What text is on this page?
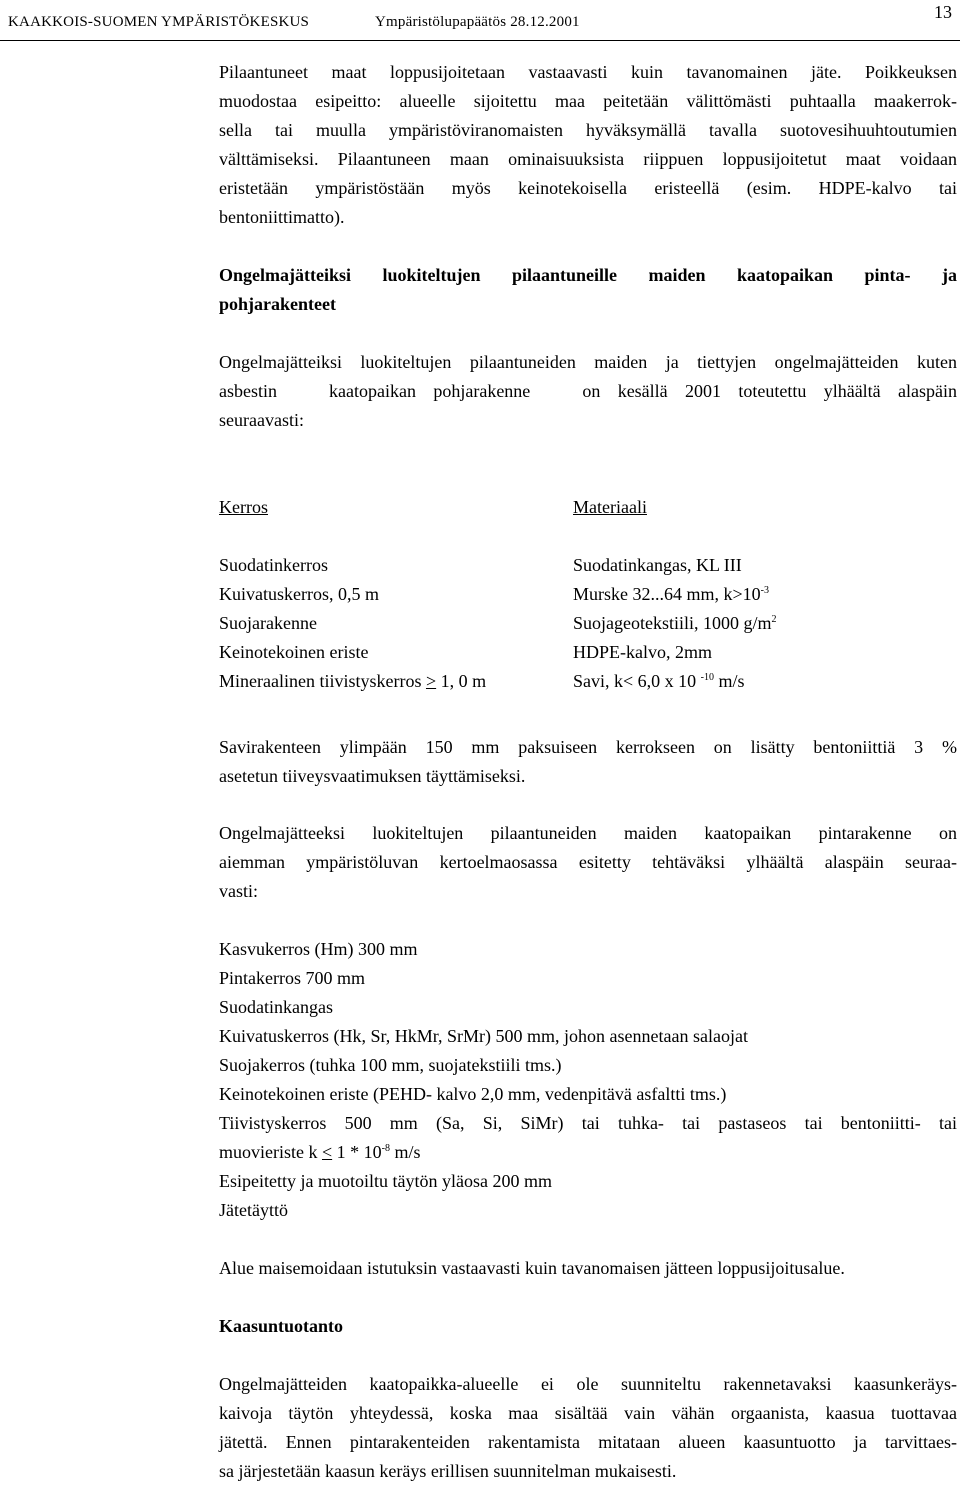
KAAKKOIS-SUOMEN YMPÄRISTÖKESKUS	Ympäristölupapäätös 28.12.2001	13

Pilaantuneet maat loppusijoitetaan vastaavasti kuin tavanomainen jäte. Poikkeuksen

muodostaa esipeitto: alueelle sijoitettu maa peitetään välittömästi puhtaalla maakerrok-

sella tai muulla ympäristöviranomaisten hyväksymällä tavalla suotovesihuuhtoutumien

välttämiseksi. Pilaantuneen maan ominaisuuksista riippuen loppusijoitetut maat voidaan

eristetään ympäristöstään myös keinotekoisella eristeellä (esim. HDPE-kalvo tai

bentoniittimatto).

Ongelmajätteiksi luokiteltujen pilaantuneille maiden kaatopaikan pinta- ja

pohjarakenteet

Ongelmajätteiksi luokiteltujen pilaantuneiden maiden ja tiettyjen ongelmajätteiden kuten

asbestin   kaatopaikan pohjarakenne   on kesällä 2001 toteutettu ylhäältä alaspäin

seuraavasti:

Kerros	Materiaali
Suodatinkerros	Suodatinkangas, KL III
Kuivatuskerros, 0,5 m	Murske 32...64 mm, $k>10^{-3}$
Suojarakenne	Suojageotekstiili, 1000 $g/m^2$
Keinotekoinen eriste	HDPE-kalvo, 2mm
Mineraalinen tiivistyskerros > 1, 0 m	Savi, k< 6,0 x 10 $^{-10}$ m/s

Savirakenteen ylimpään 150 mm paksuiseen kerrokseen on lisätty bentoniittiä 3 %

asetetun tiiveysvaatimuksen täyttämiseksi.

Ongelmajätteeksi luokiteltujen pilaantuneiden maiden kaatopaikan pintarakenne on

aiemman ympäristöluvan kertoelmaosassa esitetty tehtäväksi ylhäältä alaspäin seuraa-

vasti:

Kasvukerros (Hm) 300 mm
Pintakerros 700 mm
Suodatinkangas
Kuivatuskerros (Hk, Sr, HkMr, SrMr) 500 mm, johon asennetaan salaojat
Suojakerros (tuhka 100 mm, suojatekstiili tms.)
Keinotekoinen eriste (PEHD- kalvo 2,0 mm, vedenpitävä asfaltti tms.)
Tiivistyskerros 500 mm (Sa, Si, SiMr) tai tuhka- tai pastaseos tai bentoniitti- tai
muovieriste $k \le 1 * 10^{-8}$ m/s
Esipeitetty ja muotoiltu täytön yläosa 200 mm
Jätetäyttö

Alue maisemoidaan istutuksin vastaavasti kuin tavanomaisen jätteen loppusijoitusalue.

Kaasuntuotanto

Ongelmajätteiden kaatopaikka-alueelle ei ole suunniteltu rakennetavaksi kaasunkeräys-

kaivoja täytön yhteydessä, koska maa sisältää vain vähän orgaanista, kaasua tuottavaa

jätettä. Ennen pintarakenteiden rakentamista mitataan alueen kaasuntuotto ja tarvittaes-

sa järjestetään kaasun keräys erillisen suunnitelman mukaisesti.
